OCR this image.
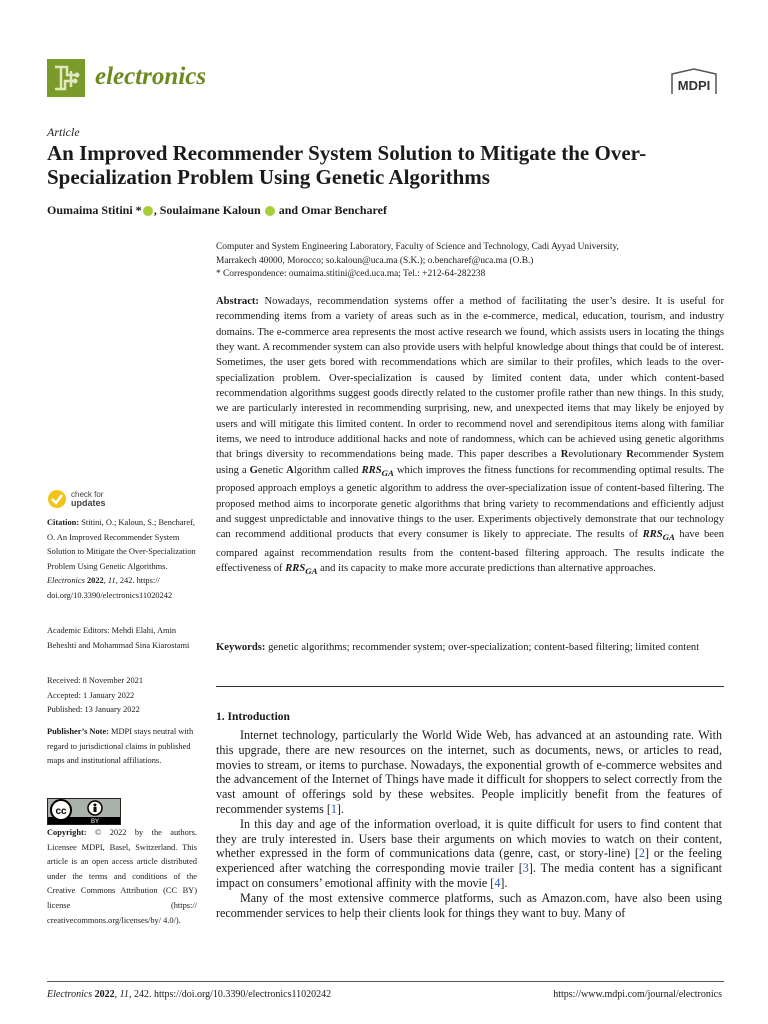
electronics	MDPI
Article
An Improved Recommender System Solution to Mitigate the Over-Specialization Problem Using Genetic Algorithms
Oumaima Stitini * , Soulaimane Kaloun  and Omar Bencharef
Computer and System Engineering Laboratory, Faculty of Science and Technology, Cadi Ayyad University,
Marrakech 40000, Morocco; so.kaloun@uca.ma (S.K.); o.bencharef@uca.ma (O.B.)
* Correspondence: oumaima.stitini@ced.uca.ma; Tel.: +212-64-282238
Abstract: Nowadays, recommendation systems offer a method of facilitating the user’s desire. It is useful for recommending items from a variety of areas such as in the e-commerce, medical, education, tourism, and industry domains. The e-commerce area represents the most active research we found, which assists users in locating the things they want. A recommender system can also provide users with helpful knowledge about things that could be of interest. Sometimes, the user gets bored with recommendations which are similar to their profiles, which leads to the over-specialization problem. Over-specialization is caused by limited content data, under which content-based recommendation algorithms suggest goods directly related to the customer profile rather than new things. In this study, we are particularly interested in recommending surprising, new, and unexpected items that may likely be enjoyed by users and will mitigate this limited content. In order to recommend novel and serendipitous items along with familiar items, we need to introduce additional hacks and note of randomness, which can be achieved using genetic algorithms that brings diversity to recommendations being made. This paper describes a Revolutionary Recommender System using a Genetic Algorithm called $RRS_{GA}$ which improves the fitness functions for recommending optimal results. The proposed approach employs a genetic algorithm to address the over-specialization issue of content-based filtering. The proposed method aims to incorporate genetic algorithms that bring variety to recommendations and efficiently adjust and suggest unpredictable and innovative things to the user. Experiments objectively demonstrate that our technology can recommend additional products that every consumer is likely to appreciate. The results of $RRS_{GA}$ have been compared against recommendation results from the content-based filtering approach. The results indicate the effectiveness of $RRS_{GA}$ and its capacity to make more accurate predictions than alternative approaches.
Keywords: genetic algorithms; recommender system; over-specialization; content-based filtering; limited content
1. Introduction

Internet technology, particularly the World Wide Web, has advanced at an astounding rate. With this upgrade, there are new resources on the internet, such as documents, news, or articles to read, movies to stream, or items to purchase. Nowadays, the exponential growth of e-commerce websites and the advancement of the Internet of Things have made it difficult for shoppers to select correctly from the vast amount of offerings sold by these websites. People implicitly benefit from the features of recommender systems [1].

In this day and age of the information overload, it is quite difficult for users to find content that they are truly interested in. Users base their arguments on which movies to watch on their content, whether expressed in the form of communications data (genre, cast, or story-line) [2] or the feeling experienced after watching the corresponding movie trailer [3]. The media content has a significant impact on consumers’ emotional affinity with the movie [4].

Many of the most extensive commerce platforms, such as Amazon.com, have also been using recommender services to help their clients look for things they want to buy. Many of

check for
updates
Citation: Stitini, O.; Kaloun, S.; Bencharef, O. An Improved Recommender System Solution to Mitigate the Over-Specialization Problem Using Genetic Algorithms. Electronics 2022, 11, 242. https:// doi.org/10.3390/electronics11020242
Academic Editors: Mehdi Elahi, Amin Beheshti and Mohammad Sina Kiarostami
Received: 8 November 2021
Accepted: 1 January 2022
Published: 13 January 2022
Publisher’s Note: MDPI stays neutral with regard to jurisdictional claims in published maps and institutional affiliations.
cc
BY
Copyright: © 2022 by the authors. Licensee MDPI, Basel, Switzerland. This article is an open access article distributed under the terms and conditions of the Creative Commons Attribution (CC BY) license (https:// creativecommons.org/licenses/by/ 4.0/).
Electronics 2022, 11, 242. https://doi.org/10.3390/electronics11020242	https://www.mdpi.com/journal/electronics
